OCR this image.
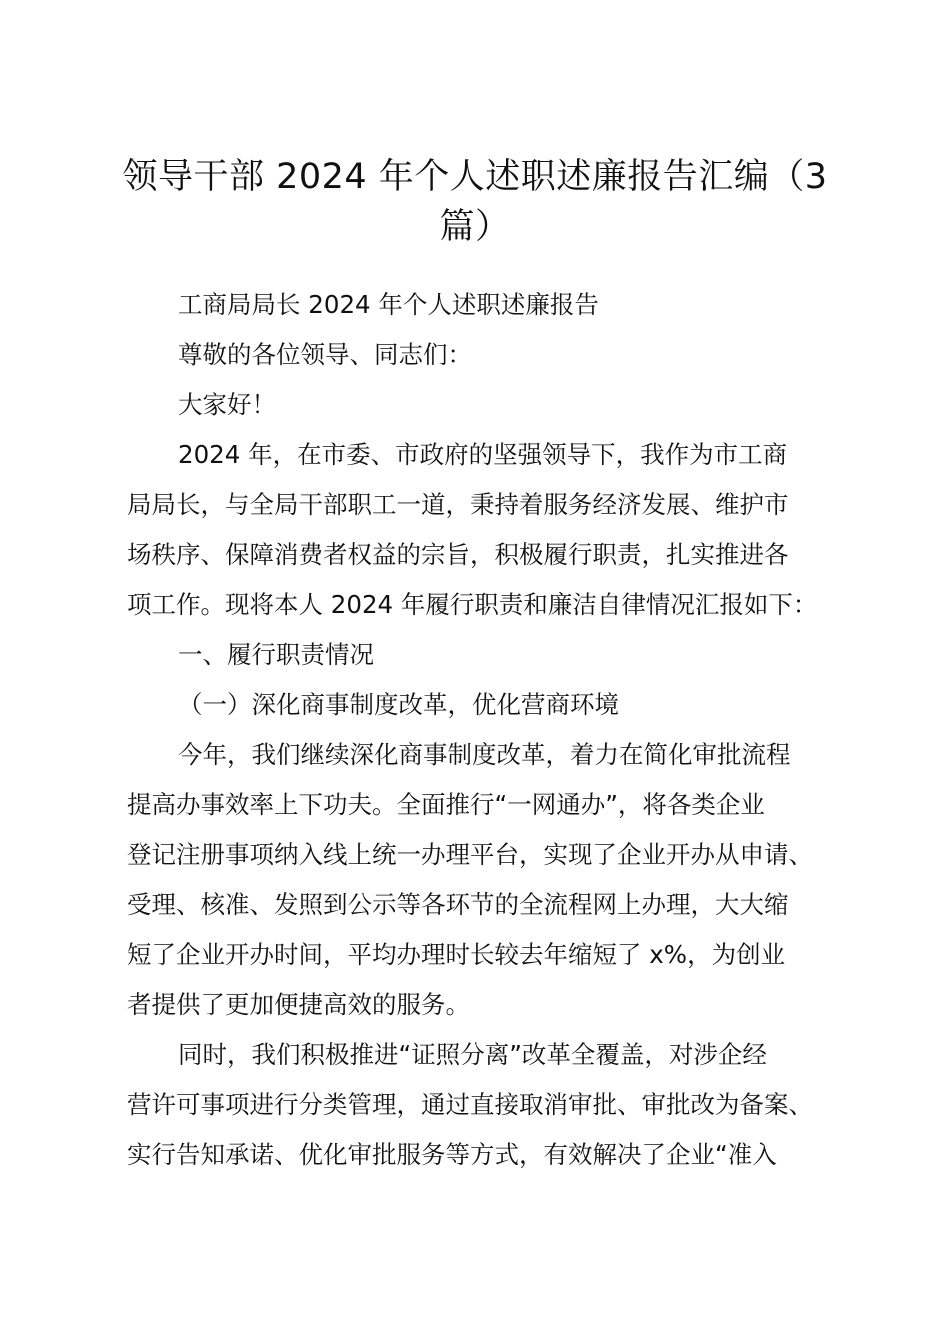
领导干部 2024 年个人述职述廉报告汇编（3
篇）
工商局局长 2024 年个人述职述廉报告
尊敬的各位领导、同志们：
大家好！
2024 年，在市委、市政府的坚强领导下，我作为市工商
局局长，与全局干部职工一道，秉持着服务经济发展、维护市
场秩序、保障消费者权益的宗旨，积极履行职责，扎实推进各
项工作。现将本人 2024 年履行职责和廉洁自律情况汇报如下：
一、履行职责情况
（一）深化商事制度改革，优化营商环境
今年，我们继续深化商事制度改革，着力在简化审批流程
提高办事效率上下功夫。全面推行“一网通办”，将各类企业
登记注册事项纳入线上统一办理平台，实现了企业开办从申请、
受理、核准、发照到公示等各环节的全流程网上办理，大大缩
短了企业开办时间，平均办理时长较去年缩短了 x%，为创业
者提供了更加便捷高效的服务。
同时，我们积极推进“证照分离”改革全覆盖，对涉企经
营许可事项进行分类管理，通过直接取消审批、审批改为备案、
实行告知承诺、优化审批服务等方式，有效解决了企业“准入
